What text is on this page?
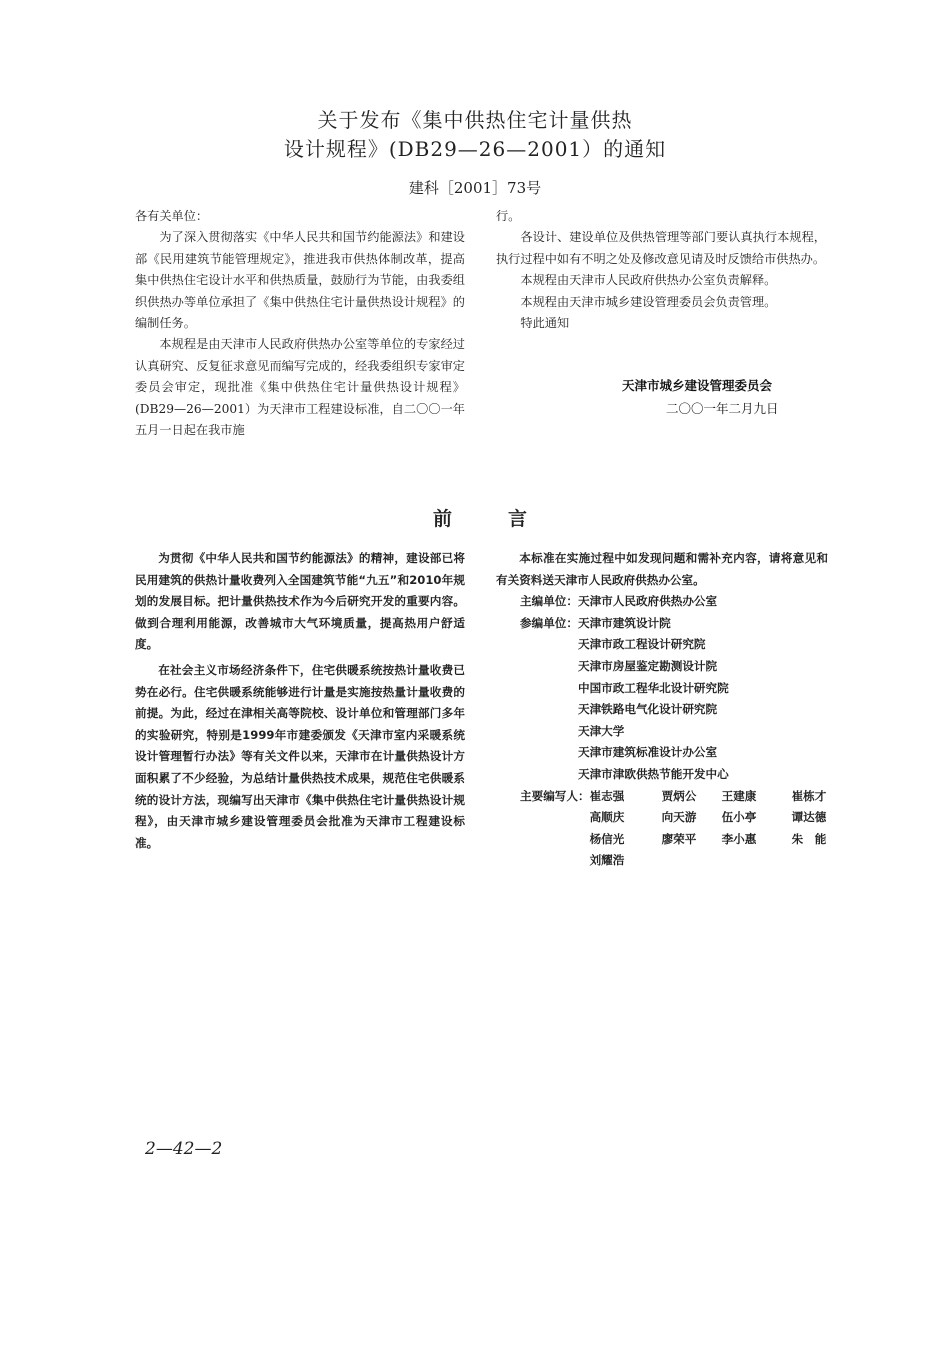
关于发布《集中供热住宅计量供热
设计规程》(DB29—26—2001）的通知
建科［2001］73号

各有关单位：

为了深入贯彻落实《中华人民共和国节约能源法》和建设部《民用建筑节能管理规定》，推进我市供热体制改革，提高集中供热住宅设计水平和供热质量，鼓励行为节能，由我委组织供热办等单位承担了《集中供热住宅计量供热设计规程》的编制任务。

本规程是由天津市人民政府供热办公室等单位的专家经过认真研究、反复征求意见而编写完成的，经我委组织专家审定委员会审定，现批准《集中供热住宅计量供热设计规程》(DB29—26—2001）为天津市工程建设标准，自二〇〇一年五月一日起在我市施

行。

各设计、建设单位及供热管理等部门要认真执行本规程，执行过程中如有不明之处及修改意见请及时反馈给市供热办。

本规程由天津市人民政府供热办公室负责解释。

本规程由天津市城乡建设管理委员会负责管理。

特此通知

天津市城乡建设管理委员会
二〇〇一年二月九日
前	言

为贯彻《中华人民共和国节约能源法》的精神，建设部已将民用建筑的供热计量收费列入全国建筑节能“九五”和2010年规划的发展目标。把计量供热技术作为今后研究开发的重要内容。做到合理利用能源，改善城市大气环境质量，提高热用户舒适度。

在社会主义市场经济条件下，住宅供暖系统按热计量收费已势在必行。住宅供暖系统能够进行计量是实施按热量计量收费的前提。为此，经过在津相关高等院校、设计单位和管理部门多年的实验研究，特别是1999年市建委颁发《天津市室内采暖系统设计管理暂行办法》等有关文件以来，天津市在计量供热设计方面积累了不少经验，为总结计量供热技术成果，规范住宅供暖系统的设计方法，现编写出天津市《集中供热住宅计量供热设计规程》，由天津市城乡建设管理委员会批准为天津市工程建设标准。

本标准在实施过程中如发现问题和需补充内容，请将意见和有关资料送天津市人民政府供热办公室。

主编单位： 天津市人民政府供热办公室
参编单位： 天津市建筑设计院
天津市政工程设计研究院
天津市房屋鉴定勘测设计院
中国市政工程华北设计研究院
天津铁路电气化设计研究院
天津大学
天津市建筑标准设计办公室
天津市津欧供热节能开发中心
主要编写人： 崔志强	贾炳公	王建康	崔栋才
高顺庆	向天游	伍小亭	谭达德
杨信光	廖荣平	李小惠	朱　能
刘耀浩
2—42—2
